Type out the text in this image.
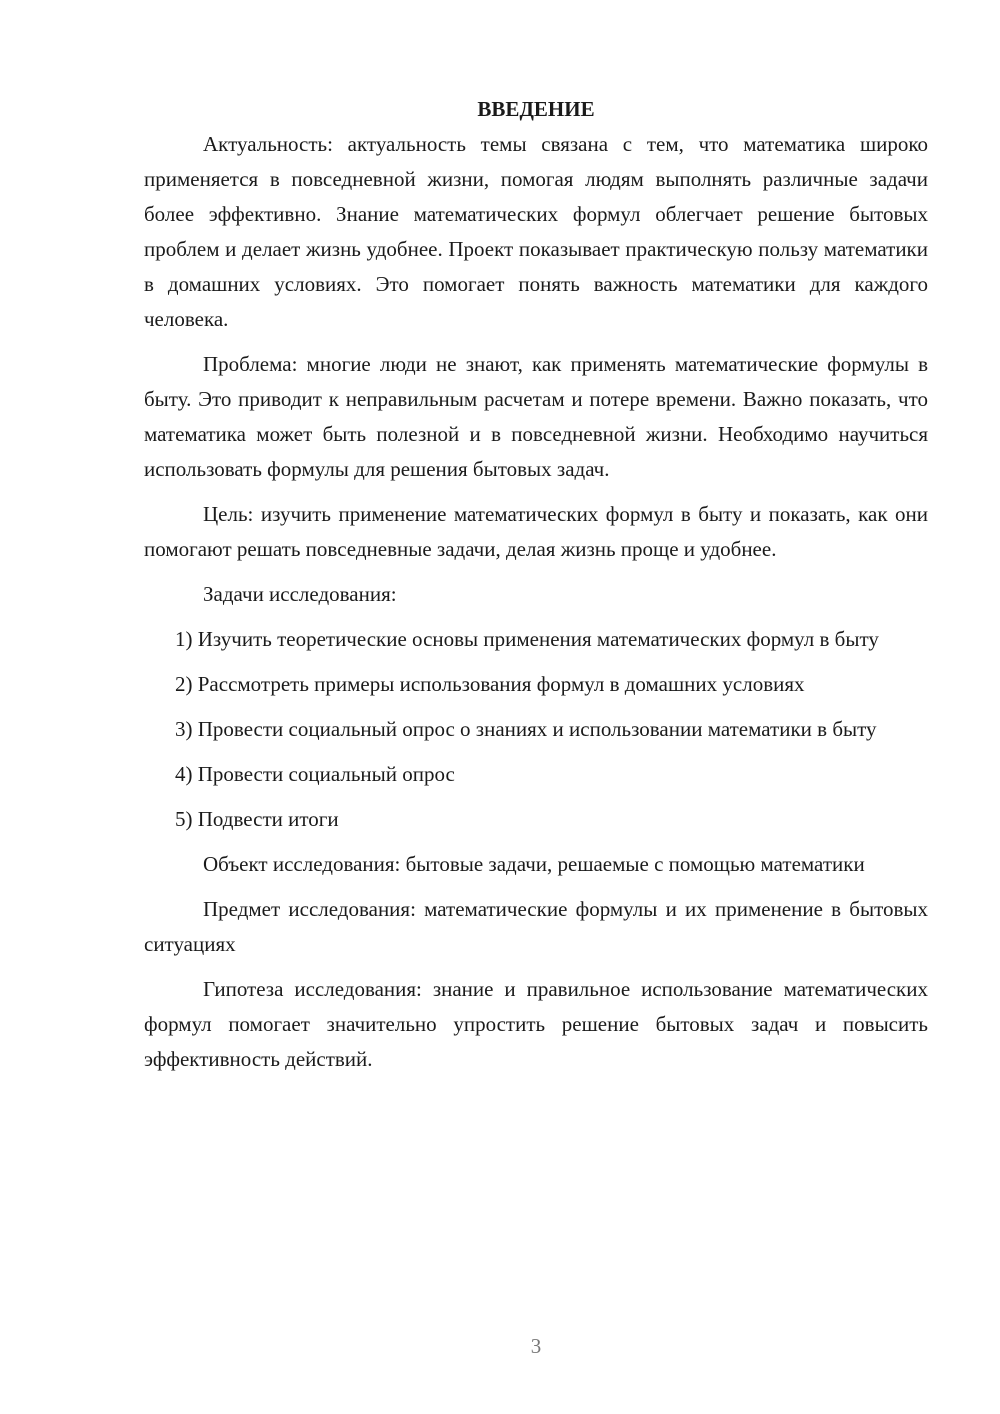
ВВЕДЕНИЕ

Актуальность: актуальность темы связана с тем, что математика широко применяется в повседневной жизни, помогая людям выполнять различные задачи более эффективно. Знание математических формул облегчает решение бытовых проблем и делает жизнь удобнее. Проект показывает практическую пользу математики в домашних условиях. Это помогает понять важность математики для каждого человека.

Проблема: многие люди не знают, как применять математические формулы в быту. Это приводит к неправильным расчетам и потере времени. Важно показать, что математика может быть полезной и в повседневной жизни. Необходимо научиться использовать формулы для решения бытовых задач.

Цель: изучить применение математических формул в быту и показать, как они помогают решать повседневные задачи, делая жизнь проще и удобнее.

Задачи исследования:

1) Изучить теоретические основы применения математических формул в быту

2) Рассмотреть примеры использования формул в домашних условиях

3) Провести социальный опрос о знаниях и использовании математики в быту

4) Провести социальный опрос

5) Подвести итоги

Объект исследования: бытовые задачи, решаемые с помощью математики

Предмет исследования: математические формулы и их применение в бытовых ситуациях

Гипотеза исследования: знание и правильное использование математических формул помогает значительно упростить решение бытовых задач и повысить эффективность действий.

3
